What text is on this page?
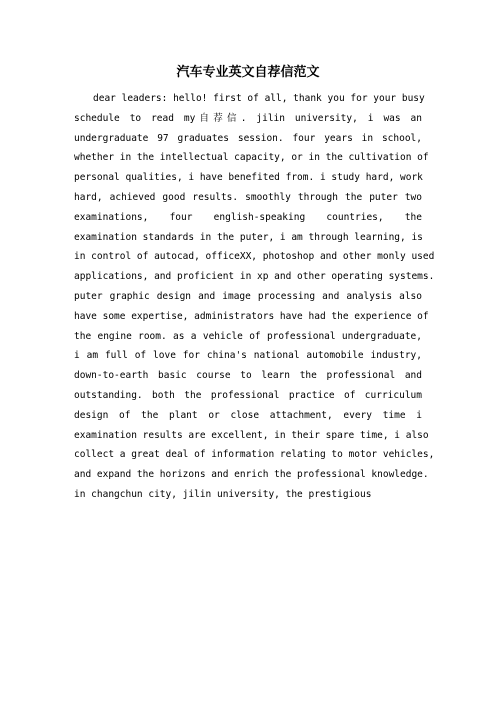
汽车专业英文自荐信范文
dear leaders: hello! first of all, thank you for your busy
schedule to read my自荐信. jilin university, i was an
undergraduate 97 graduates session. four years in school,
whether in the intellectual capacity, or in the cultivation of
personal qualities, i have benefited from. i study hard, work
hard, achieved good results. smoothly through the puter two
examinations, four english-speaking countries, the
examination standards in the puter, i am through learning, is
in control of autocad, officeXX, photoshop and other monly used
applications, and proficient in xp and other operating systems.
puter graphic design and image processing and analysis also
have some expertise, administrators have had the experience of
the engine room. as a vehicle of professional undergraduate,
i am full of love for china's national automobile industry,
down-to-earth basic course to learn the professional and
outstanding. both the professional practice of curriculum
design of the plant or close attachment, every time i
examination results are excellent, in their spare time, i also
collect a great deal of information relating to motor vehicles,
and expand the horizons and enrich the professional knowledge.
in changchun city, jilin university, the prestigious
